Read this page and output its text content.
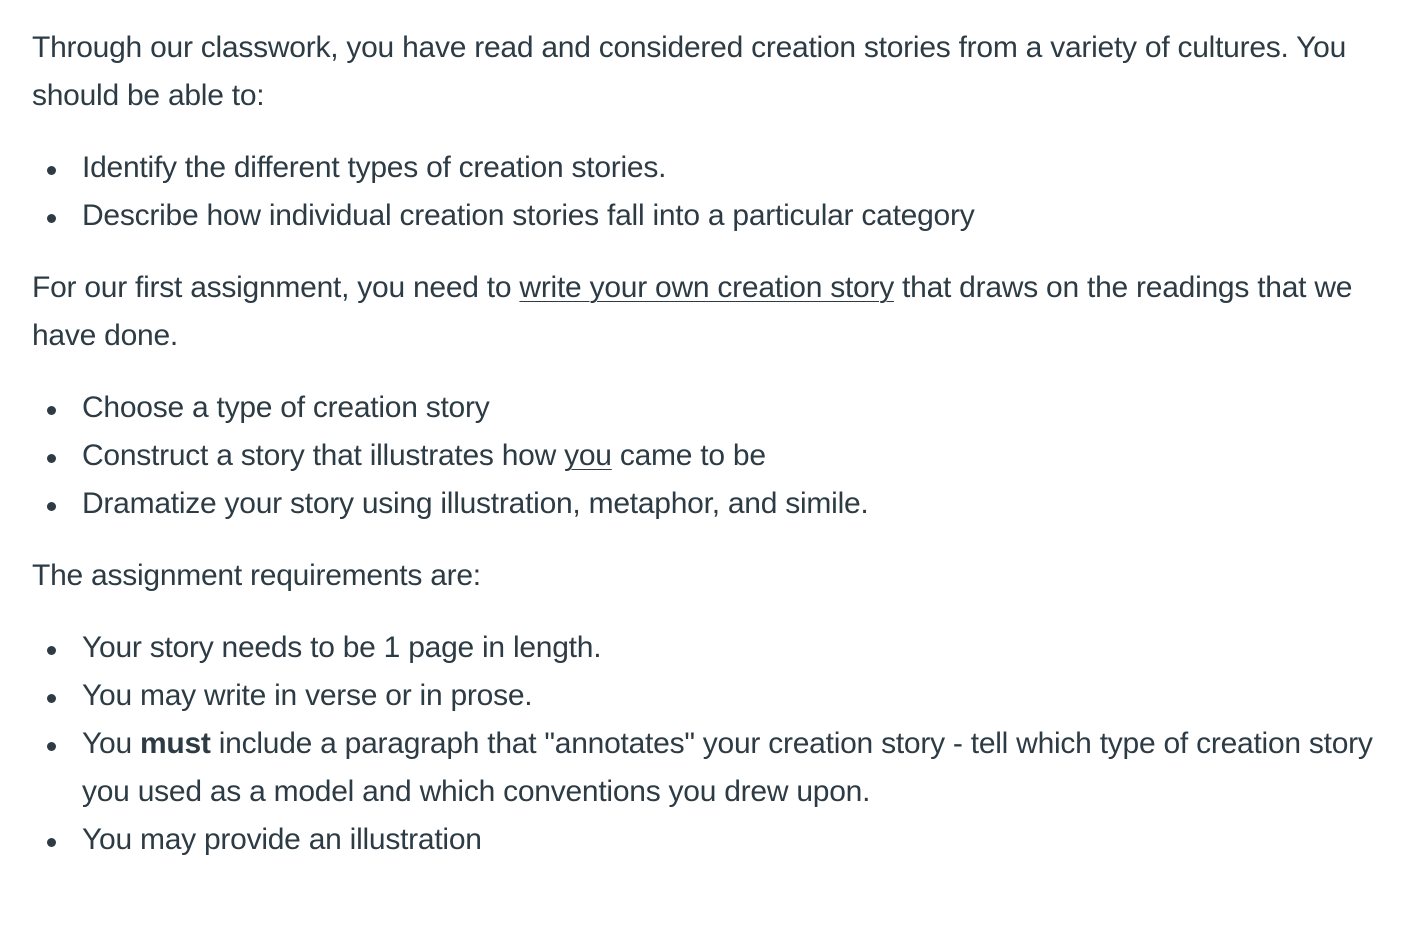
Through our classwork, you have read and considered creation stories from a variety of cultures. You should be able to:

Identify the different types of creation stories.
Describe how individual creation stories fall into a particular category

For our first assignment, you need to write your own creation story that draws on the readings that we have done.

Choose a type of creation story
Construct a story that illustrates how you came to be
Dramatize your story using illustration, metaphor, and simile.

The assignment requirements are:

Your story needs to be 1 page in length.
You may write in verse or in prose.
You must include a paragraph that "annotates" your creation story - tell which type of creation story you used as a model and which conventions you drew upon.
You may provide an illustration
